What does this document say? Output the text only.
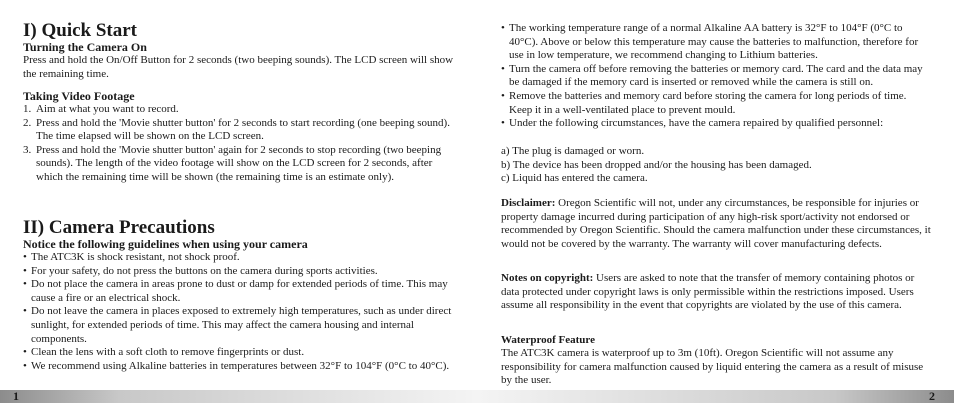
I) Quick Start
Turning the Camera On

Press and hold the On/Off Button for 2 seconds (two beeping sounds). The LCD screen will show the remaining time.

Taking Video Footage
1. Aim at what you want to record.
2. Press and hold the 'Movie shutter button' for 2 seconds to start recording (one beeping sound). The time elapsed will be shown on the LCD screen.
3. Press and hold the 'Movie shutter button' again for 2 seconds to stop recording (two beeping sounds). The length of the video footage will show on the LCD screen for 2 seconds, after which the remaining time will be shown (the remaining time is an estimate only).
II) Camera Precautions
Notice the following guidelines when using your camera
• The ATC3K is shock resistant, not shock proof.
• For your safety, do not press the buttons on the camera during sports activities.
• Do not place the camera in areas prone to dust or damp for extended periods of time. This may cause a fire or an electrical shock.
• Do not leave the camera in places exposed to extremely high temperatures, such as under direct sunlight, for extended periods of time. This may affect the camera housing and internal components.
• Clean the lens with a soft cloth to remove fingerprints or dust.
• We recommend using Alkaline batteries in temperatures between 32°F to 104°F (0°C to 40°C).
• The working temperature range of a normal Alkaline AA battery is 32°F to 104°F (0°C to 40°C). Above or below this temperature may cause the batteries to malfunction, therefore for use in low temperature, we recommend changing to Lithium batteries.
• Turn the camera off before removing the batteries or memory card. The card and the data may be damaged if the memory card is inserted or removed while the camera is still on.
• Remove the batteries and memory card before storing the camera for long periods of time. Keep it in a well-ventilated place to prevent mould.
• Under the following circumstances, have the camera repaired by qualified personnel:
a) The plug is damaged or worn.
b) The device has been dropped and/or the housing has been damaged.
c) Liquid has entered the camera.

Disclaimer: Oregon Scientific will not, under any circumstances, be responsible for injuries or property damage incurred during participation of any high-risk sport/activity not endorsed or recommended by Oregon Scientific. Should the camera malfunction under these circumstances, it would not be covered by the warranty. The warranty will cover manufacturing defects.

Notes on copyright: Users are asked to note that the transfer of memory containing photos or data protected under copyright laws is only permissible within the restrictions imposed. Users assume all responsibility in the event that copyrights are violated by the use of this camera.

Waterproof Feature

The ATC3K camera is waterproof up to 3m (10ft). Oregon Scientific will not assume any responsibility for camera malfunction caused by liquid entering the camera as a result of misuse by the user.

1	2
